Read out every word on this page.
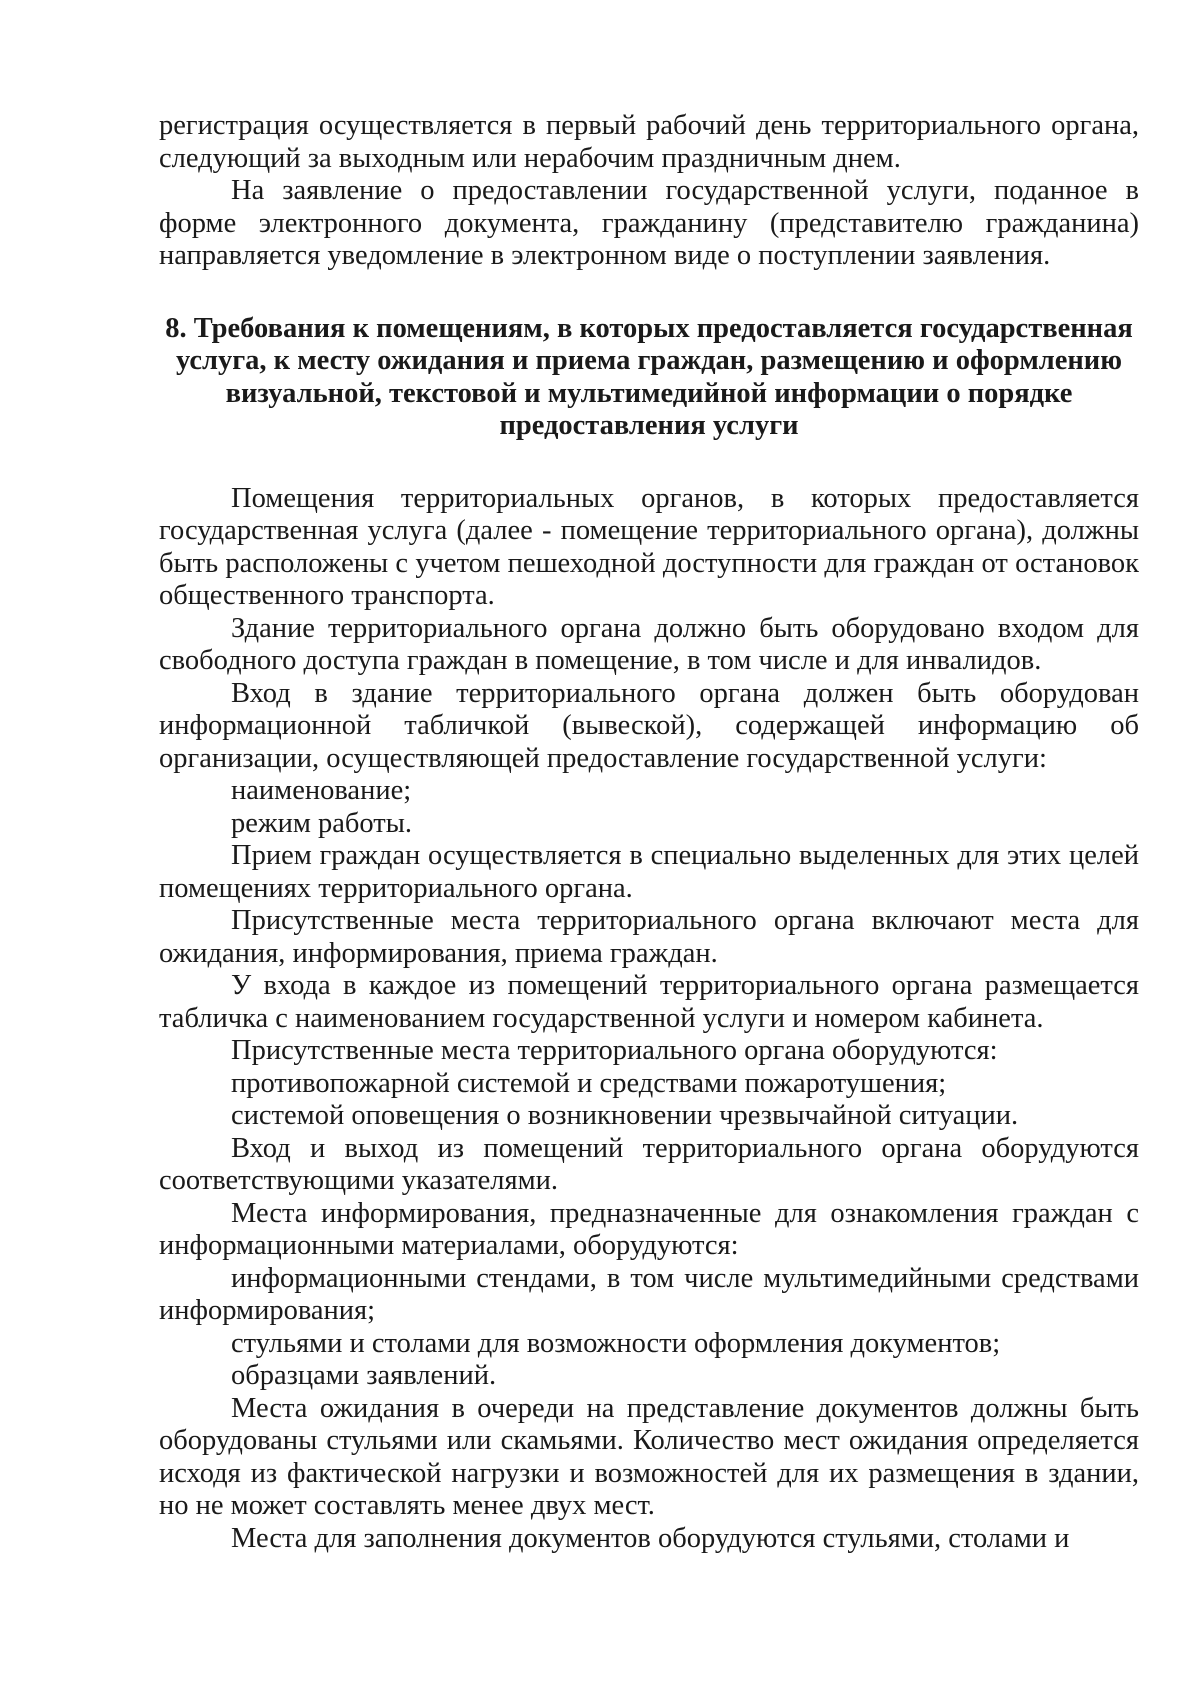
регистрация осуществляется в первый рабочий день территориального органа, следующий за выходным или нерабочим праздничным днем.

На заявление о предоставлении государственной услуги, поданное в форме электронного документа, гражданину (представителю гражданина) направляется уведомление в электронном виде о поступлении заявления.

8. Требования к помещениям, в которых предоставляется государственная услуга, к месту ожидания и приема граждан, размещению и оформлению визуальной, текстовой и мультимедийной информации о порядке предоставления услуги

Помещения территориальных органов, в которых предоставляется государственная услуга (далее - помещение территориального органа), должны быть расположены с учетом пешеходной доступности для граждан от остановок общественного транспорта.

Здание территориального органа должно быть оборудовано входом для свободного доступа граждан в помещение, в том числе и для инвалидов.

Вход в здание территориального органа должен быть оборудован информационной табличкой (вывеской), содержащей информацию об организации, осуществляющей предоставление государственной услуги:

наименование;

режим работы.

Прием граждан осуществляется в специально выделенных для этих целей помещениях территориального органа.

Присутственные места территориального органа включают места для ожидания, информирования, приема граждан.

У входа в каждое из помещений территориального органа размещается табличка с наименованием государственной услуги и номером кабинета.

Присутственные места территориального органа оборудуются:

противопожарной системой и средствами пожаротушения;

системой оповещения о возникновении чрезвычайной ситуации.

Вход и выход из помещений территориального органа оборудуются соответствующими указателями.

Места информирования, предназначенные для ознакомления граждан с информационными материалами, оборудуются:

информационными стендами, в том числе мультимедийными средствами информирования;

стульями и столами для возможности оформления документов;

образцами заявлений.

Места ожидания в очереди на представление документов должны быть оборудованы стульями или скамьями. Количество мест ожидания определяется исходя из фактической нагрузки и возможностей для их размещения в здании, но не может составлять менее двух мест.

Места для заполнения документов оборудуются стульями, столами и
